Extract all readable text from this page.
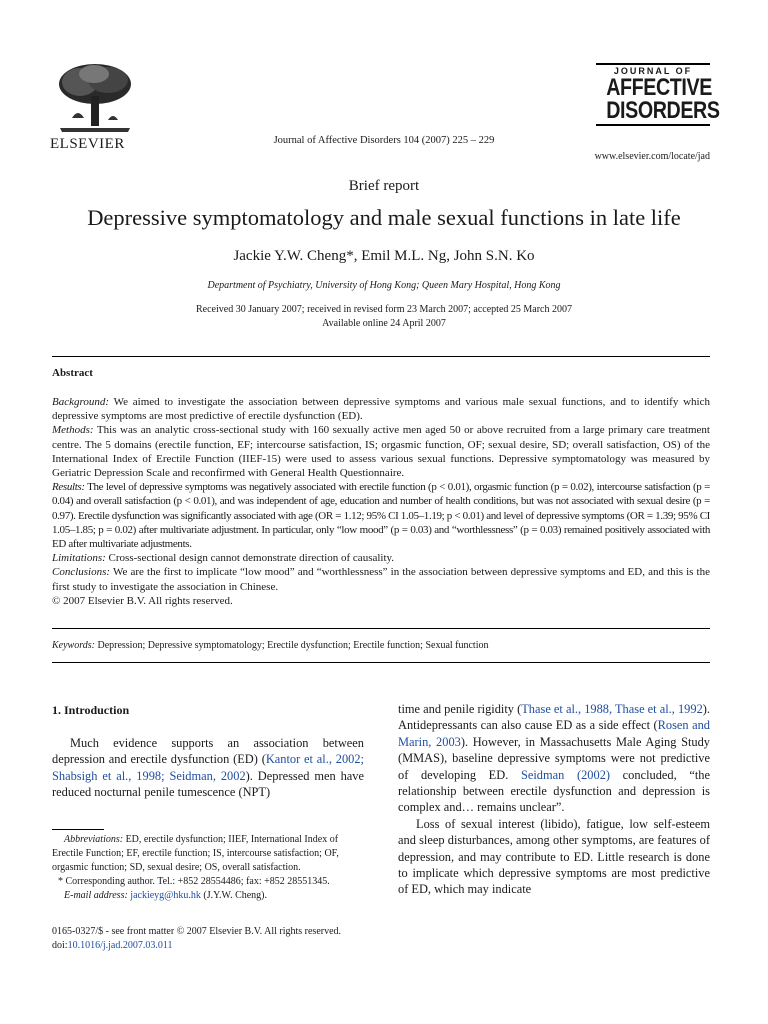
ELSEVIER	Journal of Affective Disorders 104 (2007) 225 – 229
JOURNAL OF
AFFECTIVE
DISORDERS
www.elsevier.com/locate/jad
Brief report
Depressive symptomatology and male sexual functions in late life
Jackie Y.W. Cheng*, Emil M.L. Ng, John S.N. Ko
Department of Psychiatry, University of Hong Kong; Queen Mary Hospital, Hong Kong
Received 30 January 2007; received in revised form 23 March 2007; accepted 25 March 2007
Available online 24 April 2007
Abstract

Background: We aimed to investigate the association between depressive symptoms and various male sexual functions, and to identify which depressive symptoms are most predictive of erectile dysfunction (ED).

Methods: This was an analytic cross-sectional study with 160 sexually active men aged 50 or above recruited from a large primary care treatment centre. The 5 domains (erectile function, EF; intercourse satisfaction, IS; orgasmic function, OF; sexual desire, SD; overall satisfaction, OS) of the International Index of Erectile Function (IIEF-15) were used to assess various sexual functions. Depressive symptomatology was measured by Geriatric Depression Scale and reconfirmed with General Health Questionnaire.

Results: The level of depressive symptoms was negatively associated with erectile function (p < 0.01), orgasmic function (p = 0.02), intercourse satisfaction (p = 0.04) and overall satisfaction (p < 0.01), and was independent of age, education and number of health conditions, but was not associated with sexual desire (p = 0.97). Erectile dysfunction was significantly associated with age (OR = 1.12; 95% CI 1.05–1.19; p < 0.01) and level of depressive symptoms (OR = 1.39; 95% CI 1.05–1.85; p = 0.02) after multivariate adjustment. In particular, only “low mood” (p = 0.03) and “worthlessness” (p = 0.03) remained positively associated with ED after multivariate adjustments.

Limitations: Cross-sectional design cannot demonstrate direction of causality.

Conclusions: We are the first to implicate “low mood” and “worthlessness” in the association between depressive symptoms and ED, and this is the first study to investigate the association in Chinese.

© 2007 Elsevier B.V. All rights reserved.

Keywords: Depression; Depressive symptomatology; Erectile dysfunction; Erectile function; Sexual function
1. Introduction

Much evidence supports an association between depression and erectile dysfunction (ED) (Kantor et al., 2002; Shabsigh et al., 1998; Seidman, 2002). Depressed men have reduced nocturnal penile tumescence (NPT)

Abbreviations: ED, erectile dysfunction; IIEF, International Index of Erectile Function; EF, erectile function; IS, intercourse satisfaction; OF, orgasmic function; SD, sexual desire; OS, overall satisfaction.

* Corresponding author. Tel.: +852 28554486; fax: +852 28551345.

E-mail address: jackieyg@hku.hk (J.Y.W. Cheng).

0165-0327/$ - see front matter © 2007 Elsevier B.V. All rights reserved.

doi:10.1016/j.jad.2007.03.011

time and penile rigidity (Thase et al., 1988, Thase et al., 1992). Antidepressants can also cause ED as a side effect (Rosen and Marin, 2003). However, in Massachusetts Male Aging Study (MMAS), baseline depressive symptoms were not predictive of developing ED. Seidman (2002) concluded, “the relationship between erectile dysfunction and depression is complex and… remains unclear”.

Loss of sexual interest (libido), fatigue, low self-esteem and sleep disturbances, among other symptoms, are features of depression, and may contribute to ED. Little research is done to implicate which depressive symptoms are most predictive of ED, which may indicate
